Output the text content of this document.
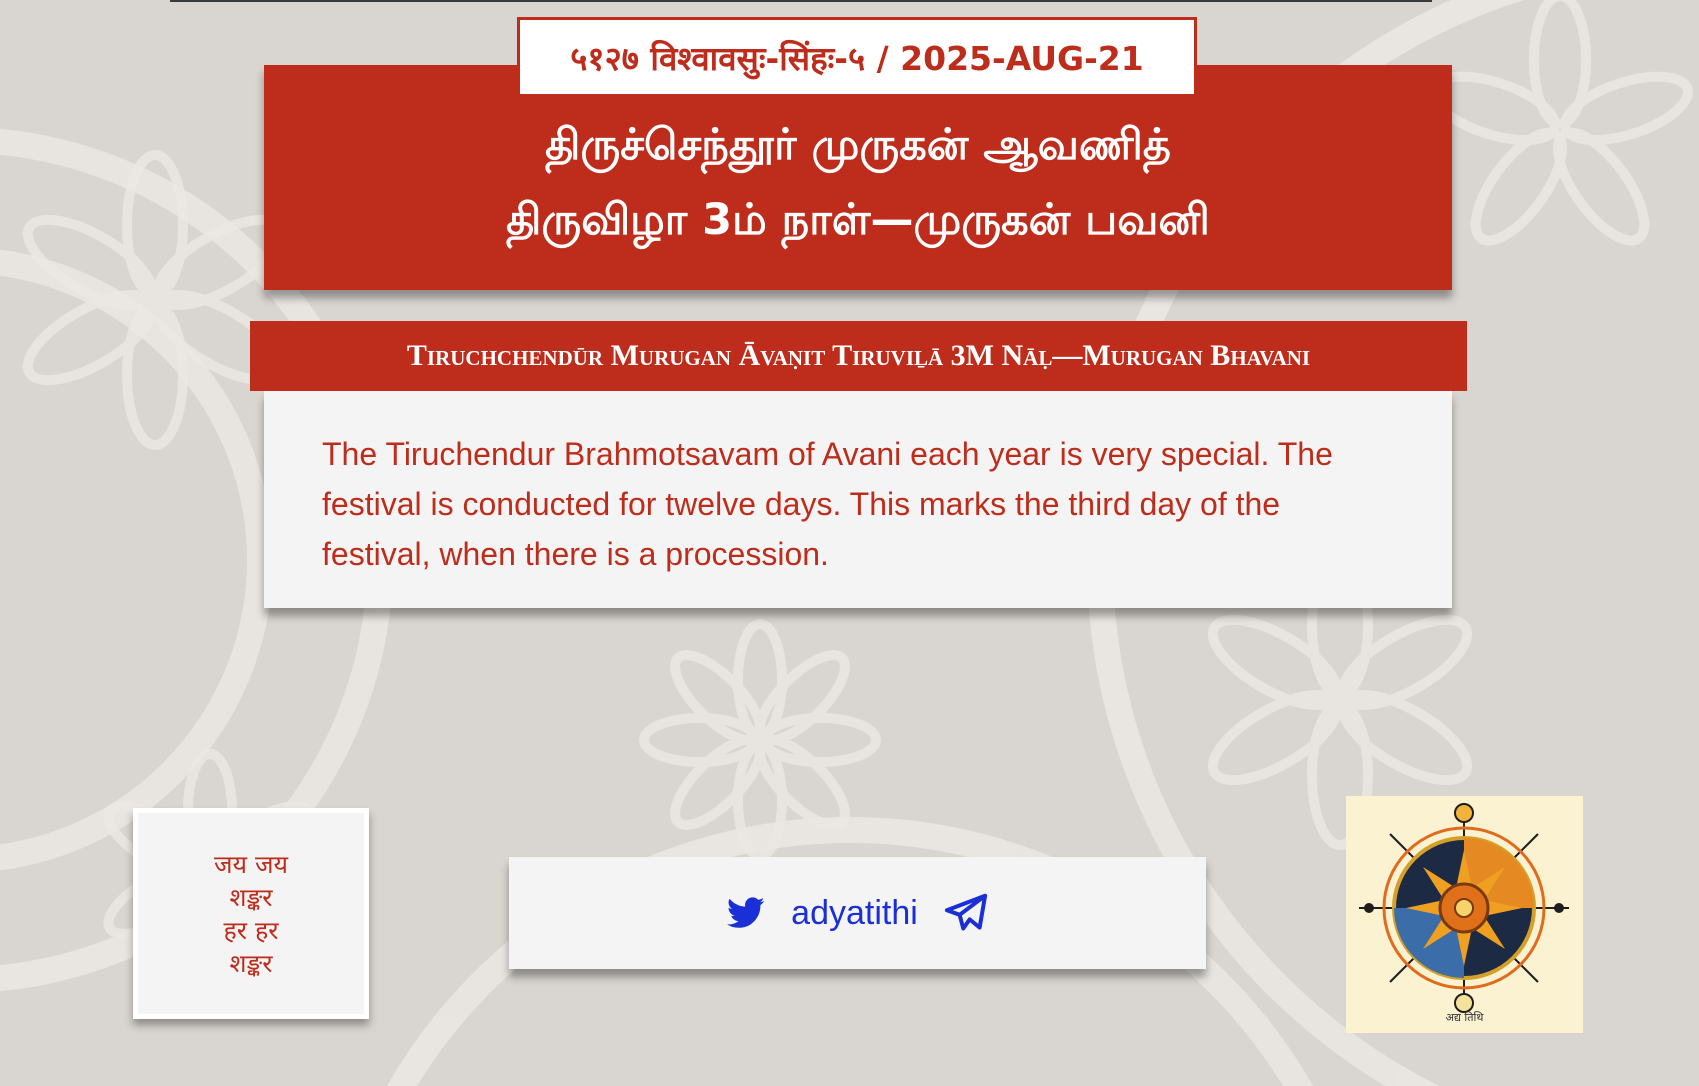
५१२७ विश्वावसुः-सिंहः-५ / 2025-AUG-21
திருச்செந்தூர் முருகன் ஆவணித்
திருவிழா 3ம் நாள்—முருகன் பவனி
Tiruchchendūr Murugan Āvaṇit Tiruviḻā 3M Nāḷ—Murugan Bhavani
The Tiruchendur Brahmotsavam of Avani each year is very special. The festival is conducted for twelve days. This marks the third day of the festival, when there is a procession.
जय जय
शङ्कर
हर हर
शङ्कर
adyatithi
अद्य तिथि
